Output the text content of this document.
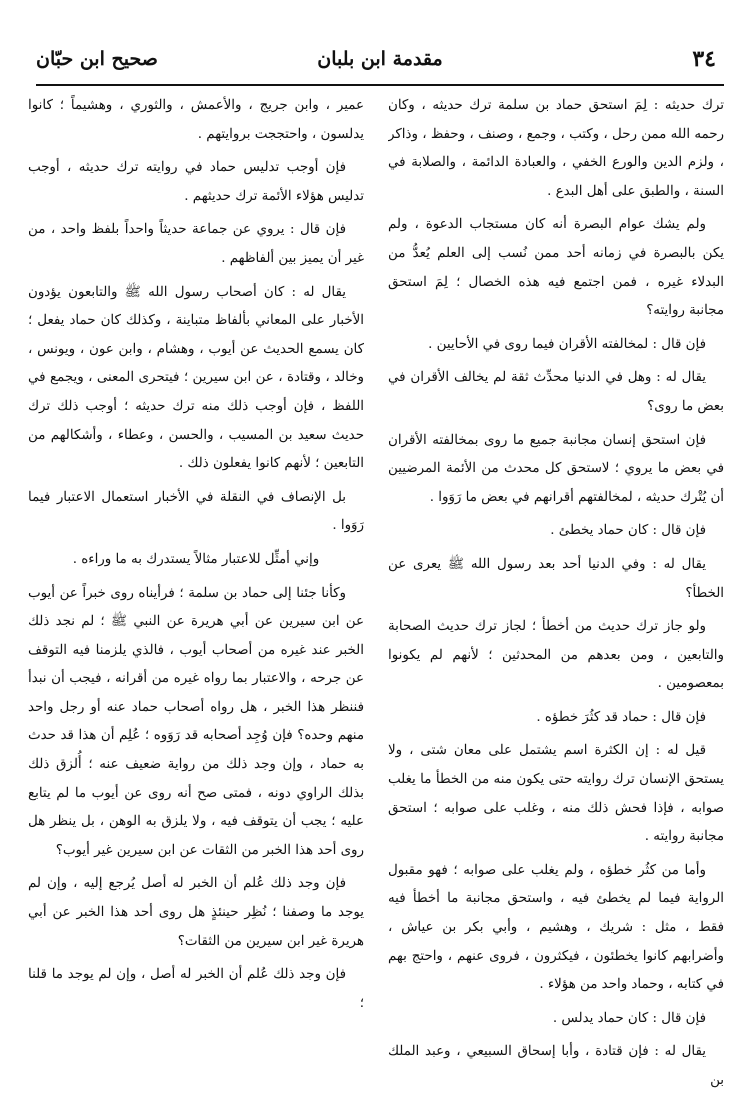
٣٤
مقدمة ابن بلبان
صحيح ابن حبّان

ترك حديثه : لِمَ استحق حماد بن سلمة ترك حديثه ، وكان رحمه الله ممن رحل ، وكتب ، وجمع ، وصنف ، وحفظ ، وذاكر ، ولزم الدين والورع الخفي ، والعبادة الدائمة ، والصلابة في السنة ، والطبق على أهل البدع .

ولم يشك عوام البصرة أنه كان مستجاب الدعوة ، ولم يكن بالبصرة في زمانه أحد ممن نُسب إلى العلم يُعدُّ من البدلاء غيره ، فمن اجتمع فيه هذه الخصال ؛ لِمَ استحق مجانبة روايته؟

فإن قال : لمخالفته الأقران فيما روى في الأحايين .

يقال له : وهل في الدنيا محدِّث ثقة لم يخالف الأقران في بعض ما روى؟

فإن استحق إنسان مجانبة جميع ما روى بمخالفته الأقران في بعض ما يروي ؛ لاستحق كل محدث من الأئمة المرضيين أن يُتْرك حديثه ، لمخالفتهم أقرانهم في بعض ما رَوَوا .

فإن قال : كان حماد يخطئ .

يقال له : وفي الدنيا أحد بعد رسول الله ﷺ يعرى عن الخطأ؟

ولو جاز ترك حديث من أخطأ ؛ لجاز ترك حديث الصحابة والتابعين ، ومن بعدهم من المحدثين ؛ لأنهم لم يكونوا بمعصومين .

فإن قال : حماد قد كثُرَ خطؤه .

قيل له : إن الكثرة اسم يشتمل على معان شتى ، ولا يستحق الإنسان ترك روايته حتى يكون منه من الخطأ ما يغلب صوابه ، فإذا فحش ذلك منه ، وغلب على صوابه ؛ استحق مجانبة روايته .

وأما من كثُر خطؤه ، ولم يغلب على صوابه ؛ فهو مقبول الرواية فيما لم يخطئ فيه ، واستحق مجانبة ما أخطأ فيه فقط ، مثل : شريك ، وهشيم ، وأبي بكر بن عياش ، وأضرابهم كانوا يخطئون ، فيكثرون ، فروى عنهم ، واحتج بهم في كتابه ، وحماد واحد من هؤلاء .

فإن قال : كان حماد يدلس .

يقال له : فإن قتادة ، وأبا إسحاق السبيعي ، وعبد الملك بن

عمير ، وابن جريج ، والأعمش ، والثوري ، وهشيماً ؛ كانوا يدلسون ، واحتججت بروايتهم .

فإن أوجب تدليس حماد في روايته ترك حديثه ، أوجب تدليس هؤلاء الأئمة ترك حديثهم .

فإن قال : يروي عن جماعة حديثاً واحداً بلفظ واحد ، من غير أن يميز بين ألفاظهم .

يقال له : كان أصحاب رسول الله ﷺ والتابعون يؤدون الأخبار على المعاني بألفاظ متباينة ، وكذلك كان حماد يفعل ؛ كان يسمع الحديث عن أيوب ، وهشام ، وابن عون ، ويونس ، وخالد ، وقتادة ، عن ابن سيرين ؛ فيتحرى المعنى ، ويجمع في اللفظ ، فإن أوجب ذلك منه ترك حديثه ؛ أوجب ذلك ترك حديث سعيد بن المسيب ، والحسن ، وعطاء ، وأشكالهم من التابعين ؛ لأنهم كانوا يفعلون ذلك .

بل الإنصاف في النقلة في الأخبار استعمال الاعتبار فيما رَوَوا .

وإني أمثِّل للاعتبار مثالاً يستدرك به ما وراءه .

وكأنا جئنا إلى حماد بن سلمة ؛ فرأيناه روى خبراً عن أيوب عن ابن سيرين عن أبي هريرة عن النبي ﷺ ؛ لم نجد ذلك الخبر عند غيره من أصحاب أيوب ، فالذي يلزمنا فيه التوقف عن جرحه ، والاعتبار بما رواه غيره من أقرانه ، فيجب أن نبدأ فننظر هذا الخبر ، هل رواه أصحاب حماد عنه أو رجل واحد منهم وحده؟ فإن وُجِد أصحابه قد رَوَوه ؛ عُلِم أن هذا قد حدث به حماد ، وإن وجد ذلك من رواية ضعيف عنه ؛ أُلزق ذلك بذلك الراوي دونه ، فمتى صح أنه روى عن أيوب ما لم يتابع عليه ؛ يجب أن يتوقف فيه ، ولا يلزق به الوهن ، بل ينظر هل روى أحد هذا الخبر من الثقات عن ابن سيرين غير أيوب؟

فإن وجد ذلك عُلم أن الخبر له أصل يُرجع إليه ، وإن لم يوجد ما وصفنا ؛ نُظِر حينئذٍ هل روى أحد هذا الخبر عن أبي هريرة غير ابن سيرين من الثقات؟

فإن وجد ذلك عُلم أن الخبر له أصل ، وإن لم يوجد ما قلنا ؛
